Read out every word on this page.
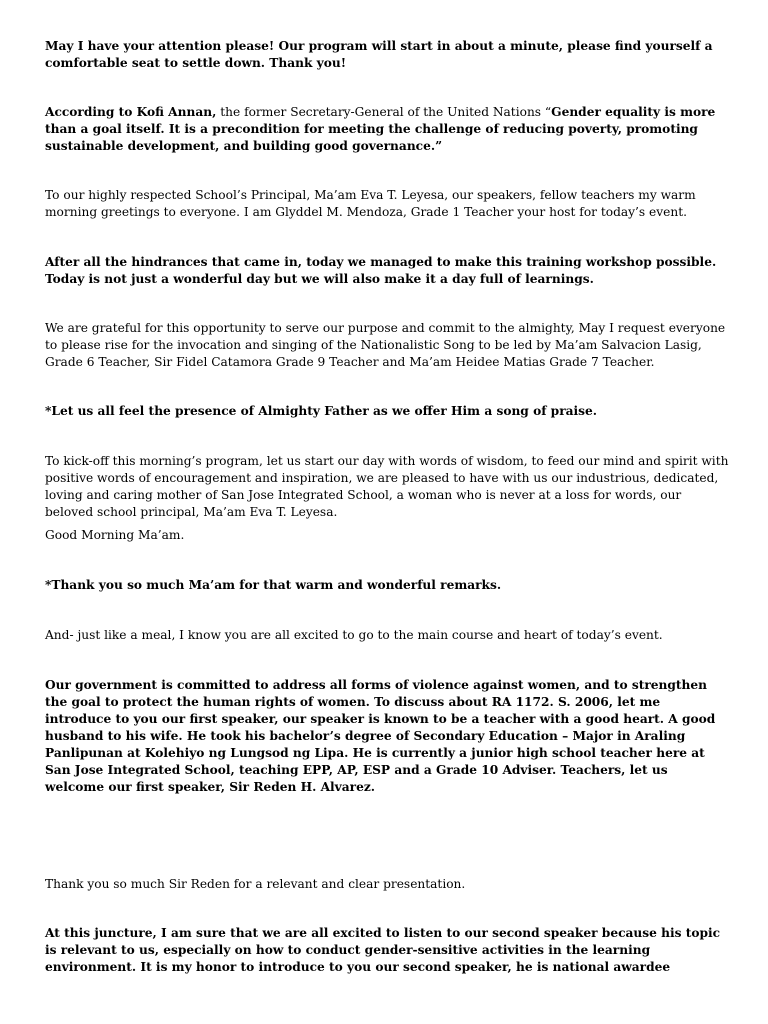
May I have your attention please! Our program will start in about a minute, please find yourself a comfortable seat to settle down. Thank you!

According to Kofi Annan, the former Secretary-General of the United Nations “Gender equality is more than a goal itself. It is a precondition for meeting the challenge of reducing poverty, promoting sustainable development, and building good governance.”

To our highly respected School’s Principal, Ma’am Eva T. Leyesa, our speakers, fellow teachers my warm morning greetings to everyone. I am Glyddel M. Mendoza, Grade 1 Teacher your host for today’s event.

After all the hindrances that came in, today we managed to make this training workshop possible. Today is not just a wonderful day but we will also make it a day full of learnings.

We are grateful for this opportunity to serve our purpose and commit to the almighty, May I request everyone to please rise for the invocation and singing of the Nationalistic Song to be led by Ma’am Salvacion Lasig, Grade 6 Teacher, Sir Fidel Catamora Grade 9 Teacher and Ma’am Heidee Matias Grade 7 Teacher.

*Let us all feel the presence of Almighty Father as we offer Him a song of praise.

To kick-off this morning’s program, let us start our day with words of wisdom, to feed our mind and spirit with positive words of encouragement and inspiration, we are pleased to have with us our industrious, dedicated, loving and caring mother of San Jose Integrated School, a woman who is never at a loss for words, our beloved school principal, Ma’am Eva T. Leyesa.

Good Morning Ma’am.

*Thank you so much Ma’am for that warm and wonderful remarks.

And- just like a meal, I know you are all excited to go to the main course and heart of today’s event.

Our government is committed to address all forms of violence against women, and to strengthen the goal to protect the human rights of women. To discuss about RA 1172. S. 2006, let me introduce to you our first speaker, our speaker is known to be a teacher with a good heart. A good husband to his wife. He took his bachelor’s degree of Secondary Education – Major in Araling Panlipunan at Kolehiyo ng Lungsod ng Lipa. He is currently a junior high school teacher here at San Jose Integrated School, teaching EPP, AP, ESP and a Grade 10 Adviser. Teachers, let us welcome our first speaker, Sir Reden H. Alvarez.

Thank you so much Sir Reden for a relevant and clear presentation.

At this juncture, I am sure that we are all excited to listen to our second speaker because his topic is relevant to us, especially on how to conduct gender-sensitive activities in the learning environment. It is my honor to introduce to you our second speaker, he is national awardee
